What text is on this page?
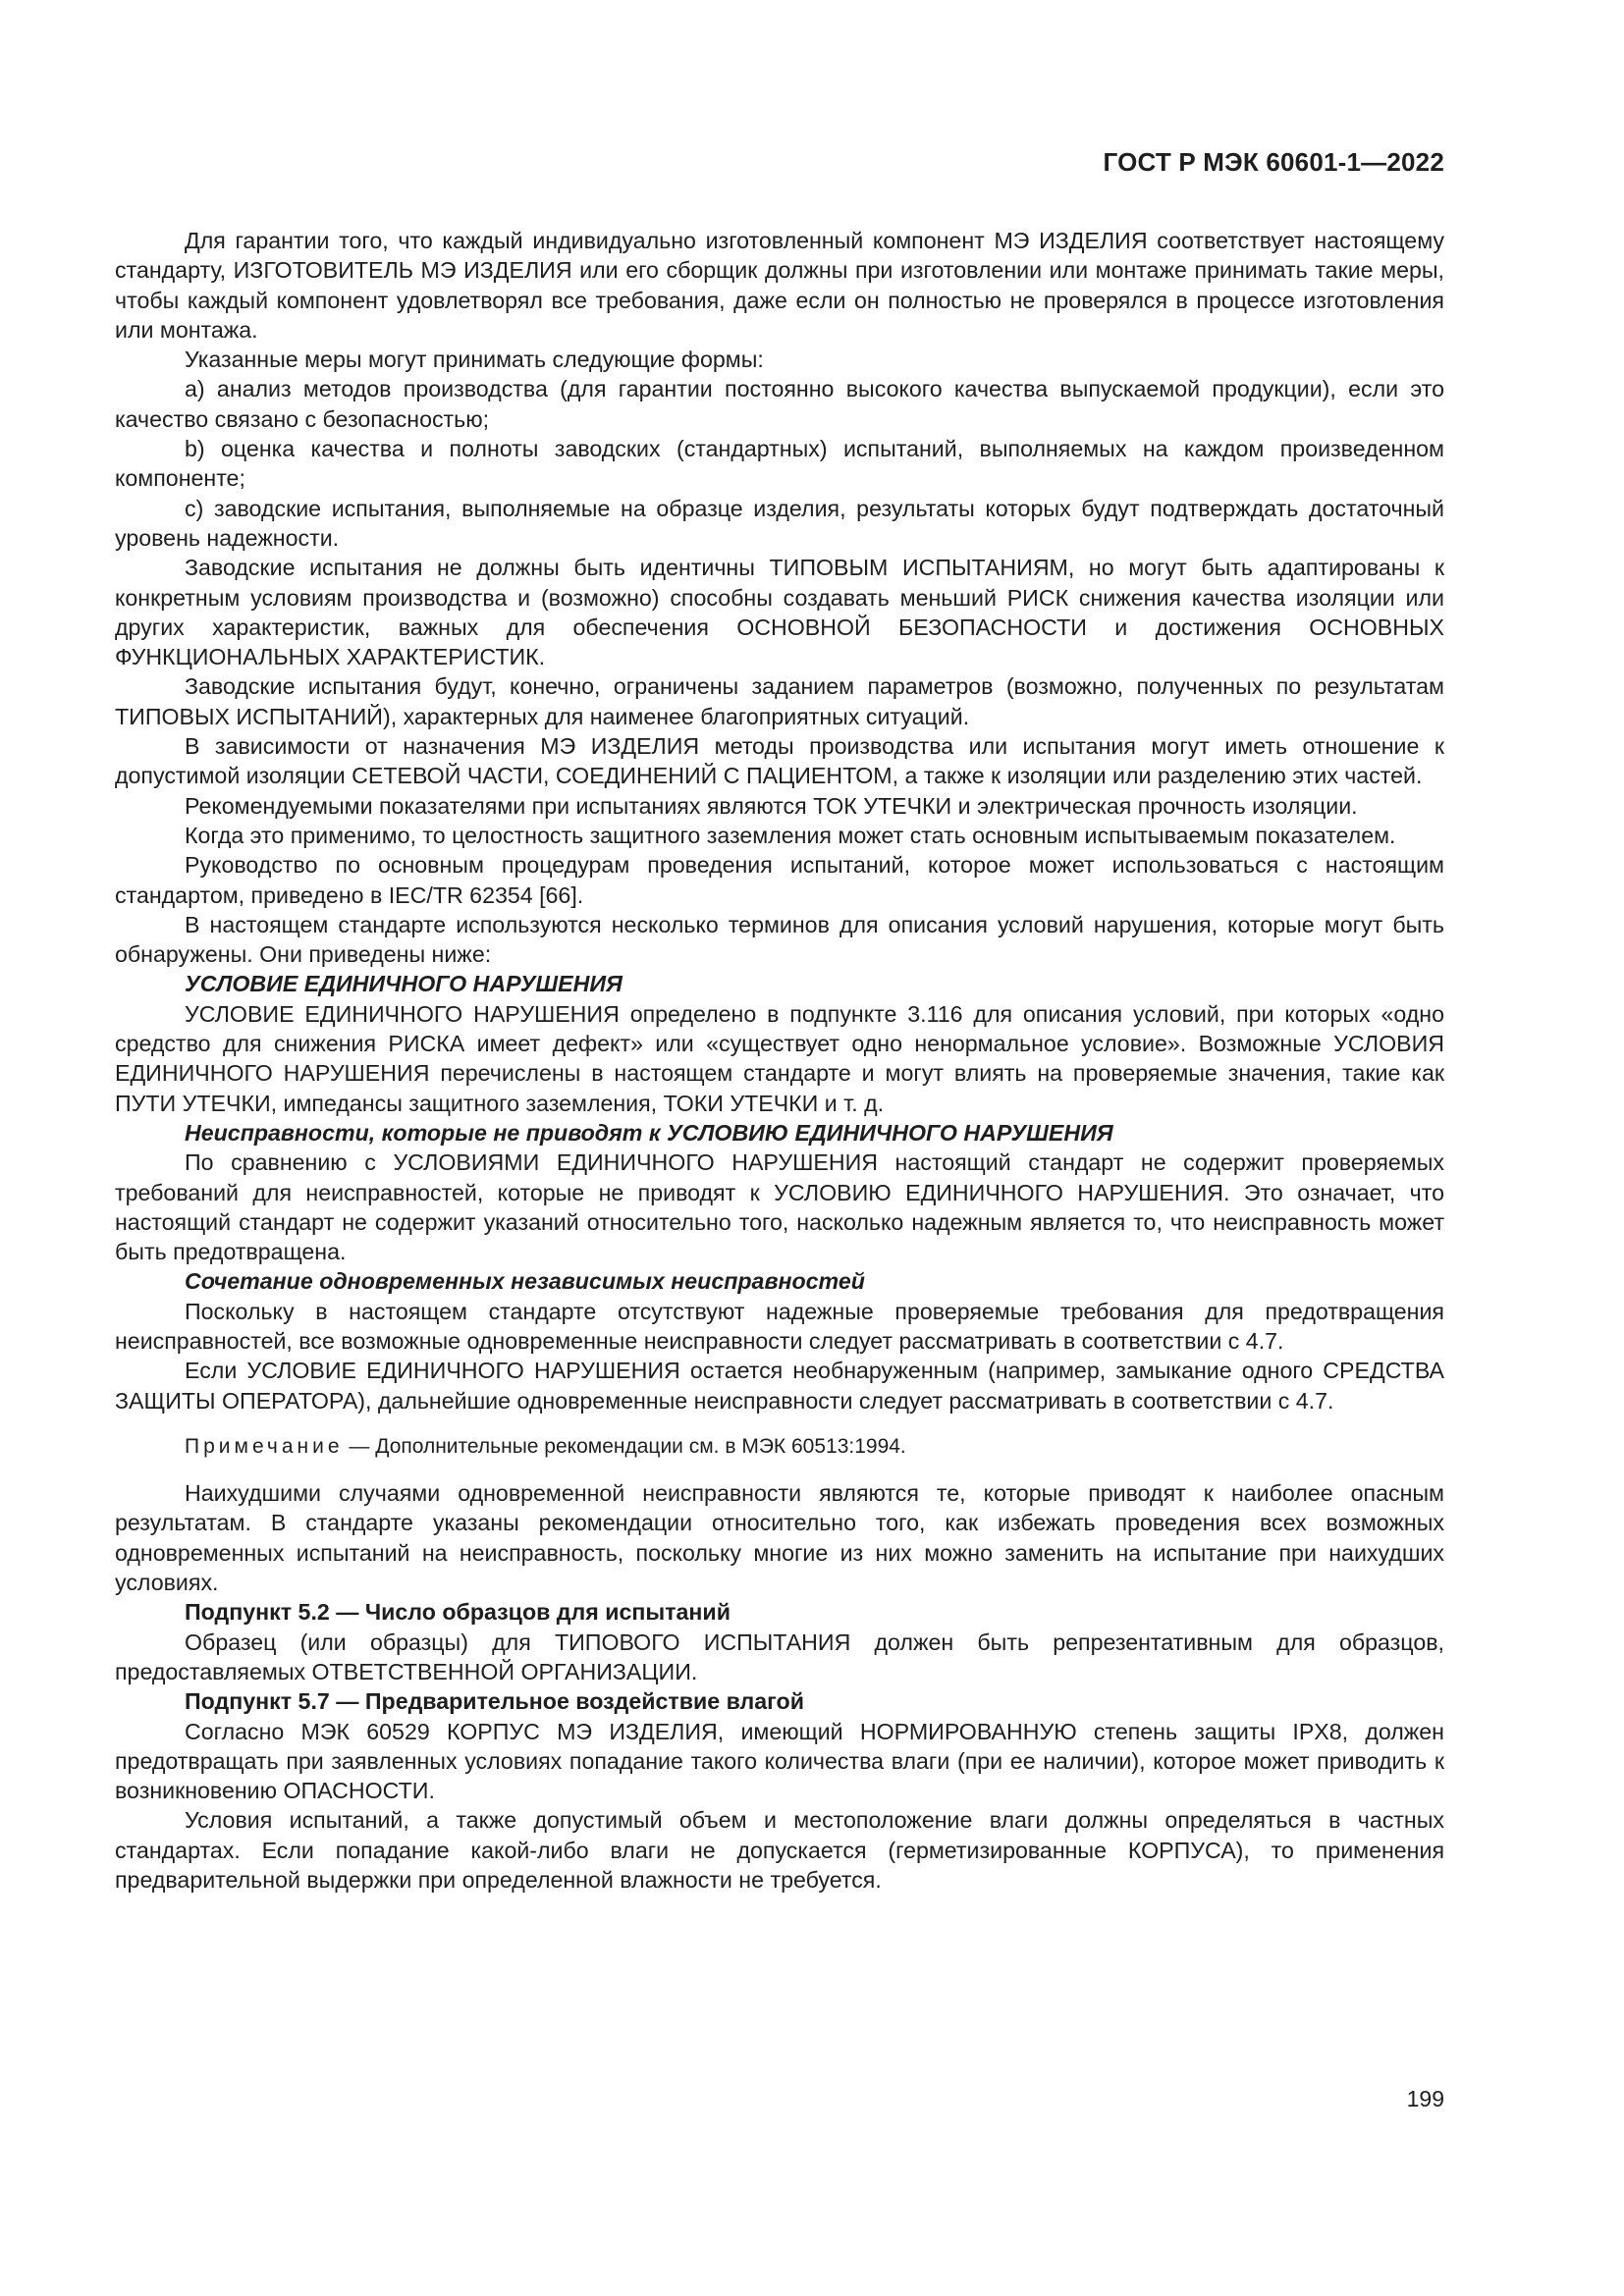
ГОСТ Р МЭК 60601-1—2022

Для гарантии того, что каждый индивидуально изготовленный компонент МЭ ИЗДЕЛИЯ соответствует настоящему стандарту, ИЗГОТОВИТЕЛЬ МЭ ИЗДЕЛИЯ или его сборщик должны при изготовлении или монтаже принимать такие меры, чтобы каждый компонент удовлетворял все требования, даже если он полностью не проверялся в процессе изготовления или монтажа.

Указанные меры могут принимать следующие формы:

а) анализ методов производства (для гарантии постоянно высокого качества выпускаемой продукции), если это качество связано с безопасностью;

b) оценка качества и полноты заводских (стандартных) испытаний, выполняемых на каждом произведенном компоненте;

c) заводские испытания, выполняемые на образце изделия, результаты которых будут подтверждать достаточный уровень надежности.

Заводские испытания не должны быть идентичны ТИПОВЫМ ИСПЫТАНИЯМ, но могут быть адаптированы к конкретным условиям производства и (возможно) способны создавать меньший РИСК снижения качества изоляции или других характеристик, важных для обеспечения ОСНОВНОЙ БЕЗОПАСНОСТИ и достижения ОСНОВНЫХ ФУНКЦИОНАЛЬНЫХ ХАРАКТЕРИСТИК.

Заводские испытания будут, конечно, ограничены заданием параметров (возможно, полученных по результатам ТИПОВЫХ ИСПЫТАНИЙ), характерных для наименее благоприятных ситуаций.

В зависимости от назначения МЭ ИЗДЕЛИЯ методы производства или испытания могут иметь отношение к допустимой изоляции СЕТЕВОЙ ЧАСТИ, СОЕДИНЕНИЙ С ПАЦИЕНТОМ, а также к изоляции или разделению этих частей.

Рекомендуемыми показателями при испытаниях являются ТОК УТЕЧКИ и электрическая прочность изоляции.

Когда это применимо, то целостность защитного заземления может стать основным испытываемым показателем.

Руководство по основным процедурам проведения испытаний, которое может использоваться с настоящим стандартом, приведено в IEC/TR 62354 [66].

В настоящем стандарте используются несколько терминов для описания условий нарушения, которые могут быть обнаружены. Они приведены ниже:

УСЛОВИЕ ЕДИНИЧНОГО НАРУШЕНИЯ

УСЛОВИЕ ЕДИНИЧНОГО НАРУШЕНИЯ определено в подпункте 3.116 для описания условий, при которых «одно средство для снижения РИСКА имеет дефект» или «существует одно ненормальное условие». Возможные УСЛОВИЯ ЕДИНИЧНОГО НАРУШЕНИЯ перечислены в настоящем стандарте и могут влиять на проверяемые значения, такие как ПУТИ УТЕЧКИ, импедансы защитного заземления, ТОКИ УТЕЧКИ и т. д.

Неисправности, которые не приводят к УСЛОВИЮ ЕДИНИЧНОГО НАРУШЕНИЯ

По сравнению с УСЛОВИЯМИ ЕДИНИЧНОГО НАРУШЕНИЯ настоящий стандарт не содержит проверяемых требований для неисправностей, которые не приводят к УСЛОВИЮ ЕДИНИЧНОГО НАРУШЕНИЯ. Это означает, что настоящий стандарт не содержит указаний относительно того, насколько надежным является то, что неисправность может быть предотвращена.

Сочетание одновременных независимых неисправностей

Поскольку в настоящем стандарте отсутствуют надежные проверяемые требования для предотвращения неисправностей, все возможные одновременные неисправности следует рассматривать в соответствии с 4.7.

Если УСЛОВИЕ ЕДИНИЧНОГО НАРУШЕНИЯ остается необнаруженным (например, замыкание одного СРЕДСТВА ЗАЩИТЫ ОПЕРАТОРА), дальнейшие одновременные неисправности следует рассматривать в соответствии с 4.7.

Примечание — Дополнительные рекомендации см. в МЭК 60513:1994.

Наихудшими случаями одновременной неисправности являются те, которые приводят к наиболее опасным результатам. В стандарте указаны рекомендации относительно того, как избежать проведения всех возможных одновременных испытаний на неисправность, поскольку многие из них можно заменить на испытание при наихудших условиях.

Подпункт 5.2 — Число образцов для испытаний

Образец (или образцы) для ТИПОВОГО ИСПЫТАНИЯ должен быть репрезентативным для образцов, предоставляемых ОТВЕТСТВЕННОЙ ОРГАНИЗАЦИИ.

Подпункт 5.7 — Предварительное воздействие влагой

Согласно МЭК 60529 КОРПУС МЭ ИЗДЕЛИЯ, имеющий НОРМИРОВАННУЮ степень защиты IPX8, должен предотвращать при заявленных условиях попадание такого количества влаги (при ее наличии), которое может приводить к возникновению ОПАСНОСТИ.

Условия испытаний, а также допустимый объем и местоположение влаги должны определяться в частных стандартах. Если попадание какой-либо влаги не допускается (герметизированные КОРПУСА), то применения предварительной выдержки при определенной влажности не требуется.

199
